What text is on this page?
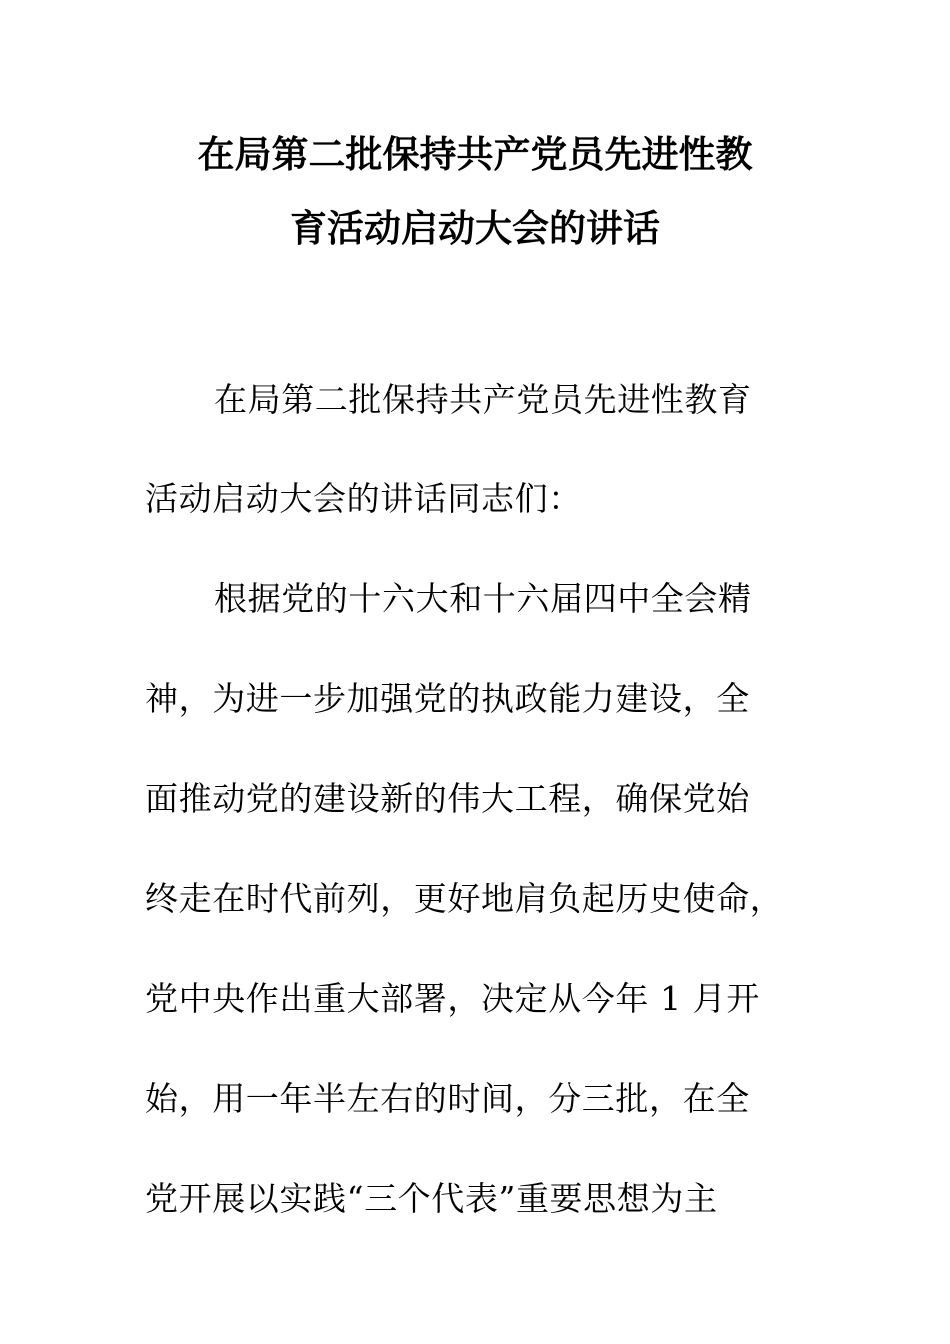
在局第二批保持共产党员先进性教
育活动启动大会的讲话
在局第二批保持共产党员先进性教育
活动启动大会的讲话同志们：
根据党的十六大和十六届四中全会精
神，为进一步加强党的执政能力建设，全
面推动党的建设新的伟大工程，确保党始
终走在时代前列，更好地肩负起历史使命，
党中央作出重大部署，决定从今年 1 月开
始，用一年半左右的时间，分三批，在全
党开展以实践“三个代表”重要思想为主
